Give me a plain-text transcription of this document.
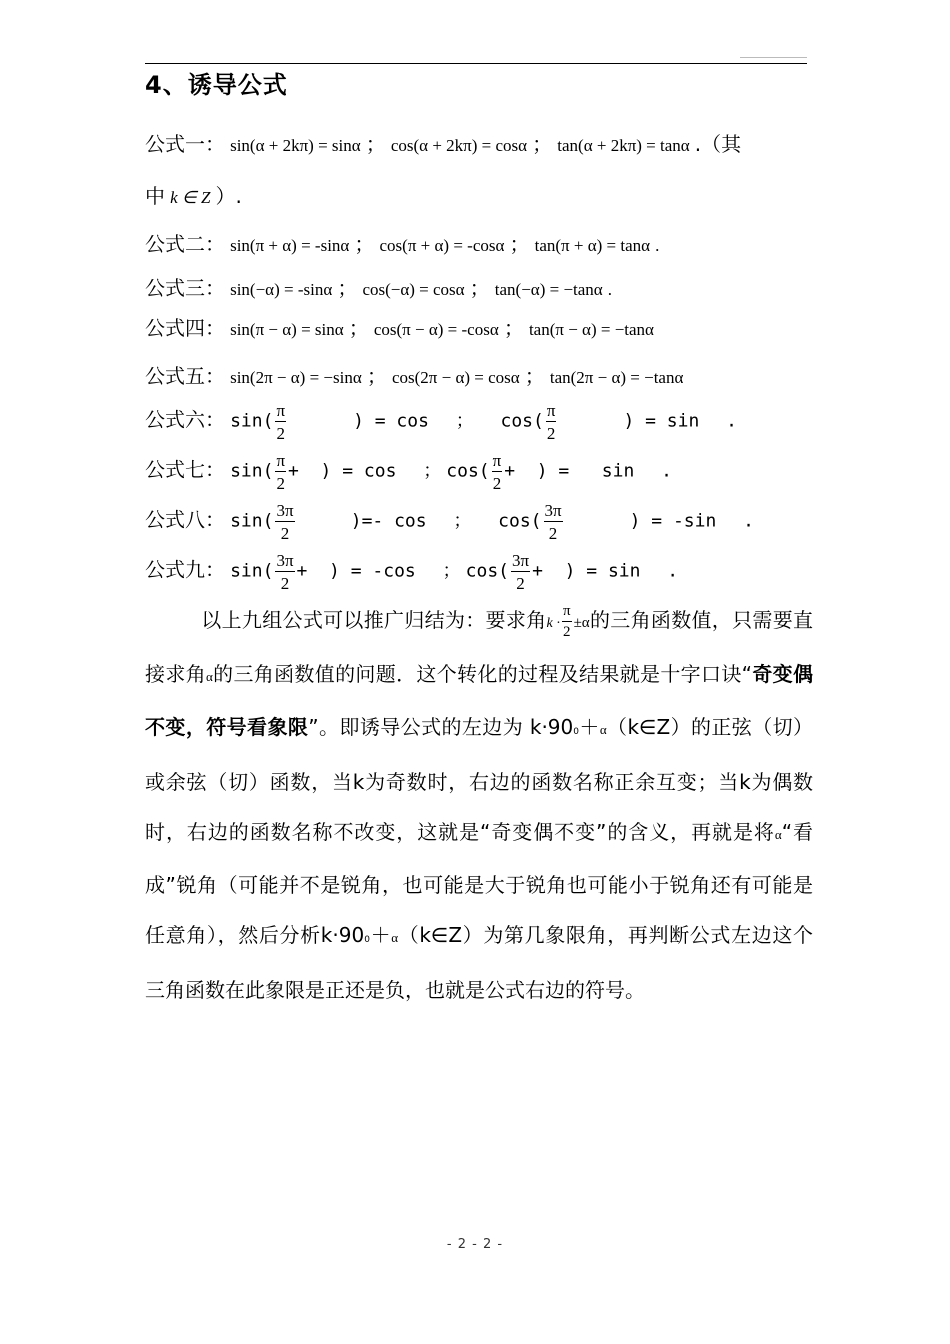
4、诱导公式
公式一： sin(α + 2kπ) = sinα ； cos(α + 2kπ) = cosα ； tan(α + 2kπ) = tanα .（其
中 k ∈ Z ）.
公式二： sin(π + α) = -sinα ； cos(π + α) = -cosα ； tan(π + α) = tanα .
公式三： sin(−α) = -sinα ； cos(−α) = cosα ； tan(−α) = −tanα .
公式四： sin(π − α) = sinα ； cos(π − α) = -cosα ； tan(π − α) = −tanα
公式五： sin(2π − α) = −sinα ； cos(2π − α) = cosα ； tan(2π − α) = −tanα
公式六： $\sin( \frac{\pi}{2}$ ) = cos   ；   $\cos( \frac{\pi}{2}$ ) = sin   .
公式七： $\sin( \frac{\pi}{2}$ +  ) = cos   ； $\cos( \frac{\pi}{2}$ +  ) =   sin   .
公式八： $\sin( \frac{3\pi}{2}$ )=- cos   ；   $\cos( \frac{3\pi}{2}$ ) = -sin   .
公式九： $\sin( \frac{3\pi}{2}$ +  ) = -cos   ； $\cos( \frac{3\pi}{2}$ +  ) = sin   .
以上九组公式可以推广归结为：要求角$k \cdot \frac{\pi}{2} \pm\alpha$的三角函数值，只需要直接求角α的三角函数值的问题．这个转化的过程及结果就是十字口诀“奇变偶不变，符号看象限”。即诱导公式的左边为 k·900＋α（k∈Z）的正弦（切）或余弦（切）函数，当k为奇数时，右边的函数名称正余互变；当k为偶数时，右边的函数名称不改变，这就是“奇变偶不变”的含义，再就是将α“看成”锐角（可能并不是锐角，也可能是大于锐角也可能小于锐角还有可能是任意角），然后分析k·900＋α（k∈Z）为第几象限角，再判断公式左边这个三角函数在此象限是正还是负，也就是公式右边的符号。
- 2 - 2 -
